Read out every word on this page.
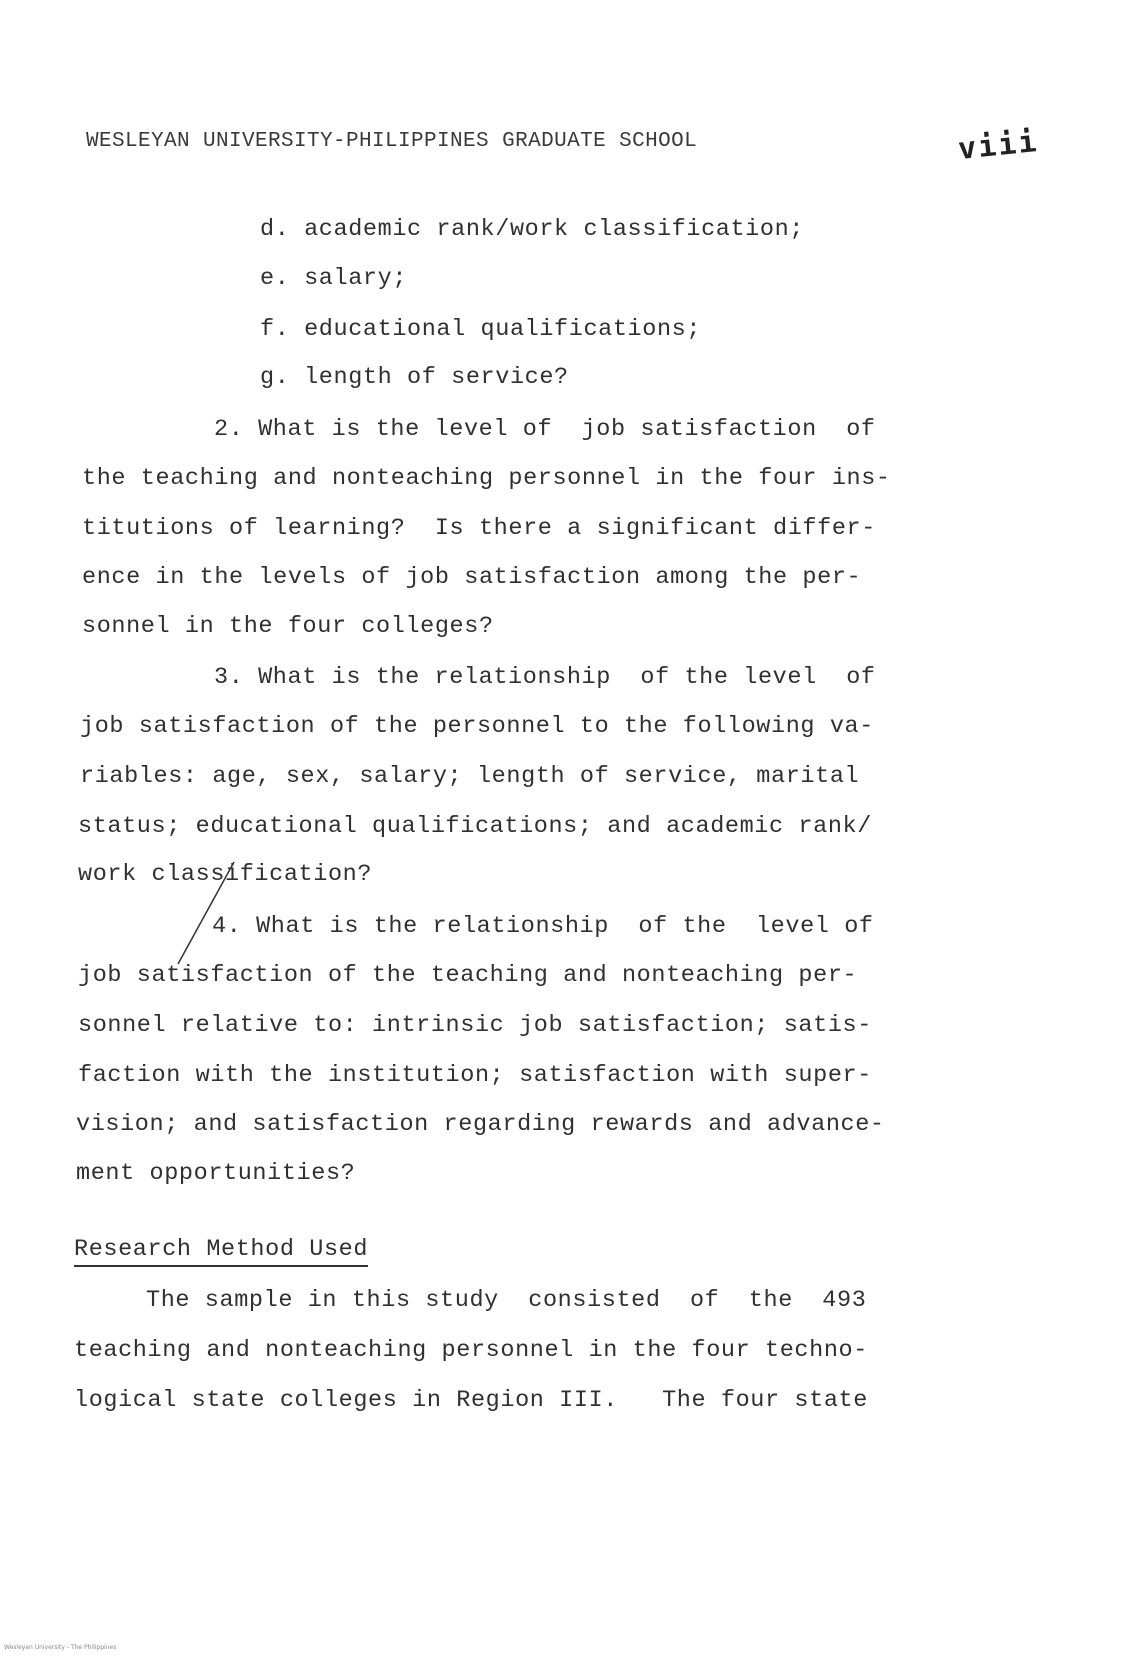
WESLEYAN UNIVERSITY-PHILIPPINES GRADUATE SCHOOL	viii
d. academic rank/work classification;
e. salary;
f. educational qualifications;
g. length of service?
2. What is the level of  job satisfaction  of
the teaching and nonteaching personnel in the four ins-
titutions of learning?  Is there a significant differ-
ence in the levels of job satisfaction among the per-
sonnel in the four colleges?
3. What is the relationship  of the level  of
job satisfaction of the personnel to the following va-
riables: age, sex, salary; length of service, marital
status; educational qualifications; and academic rank/
work classification?
4. What is the relationship  of the  level of
job satisfaction of the teaching and nonteaching per-
sonnel relative to: intrinsic job satisfaction; satis-
faction with the institution; satisfaction with super-
vision; and satisfaction regarding rewards and advance-
ment opportunities?
Research Method Used
The sample in this study  consisted  of  the  493
teaching and nonteaching personnel in the four techno-
logical state colleges in Region III.   The four state
Wesleyan University - The Philippines
